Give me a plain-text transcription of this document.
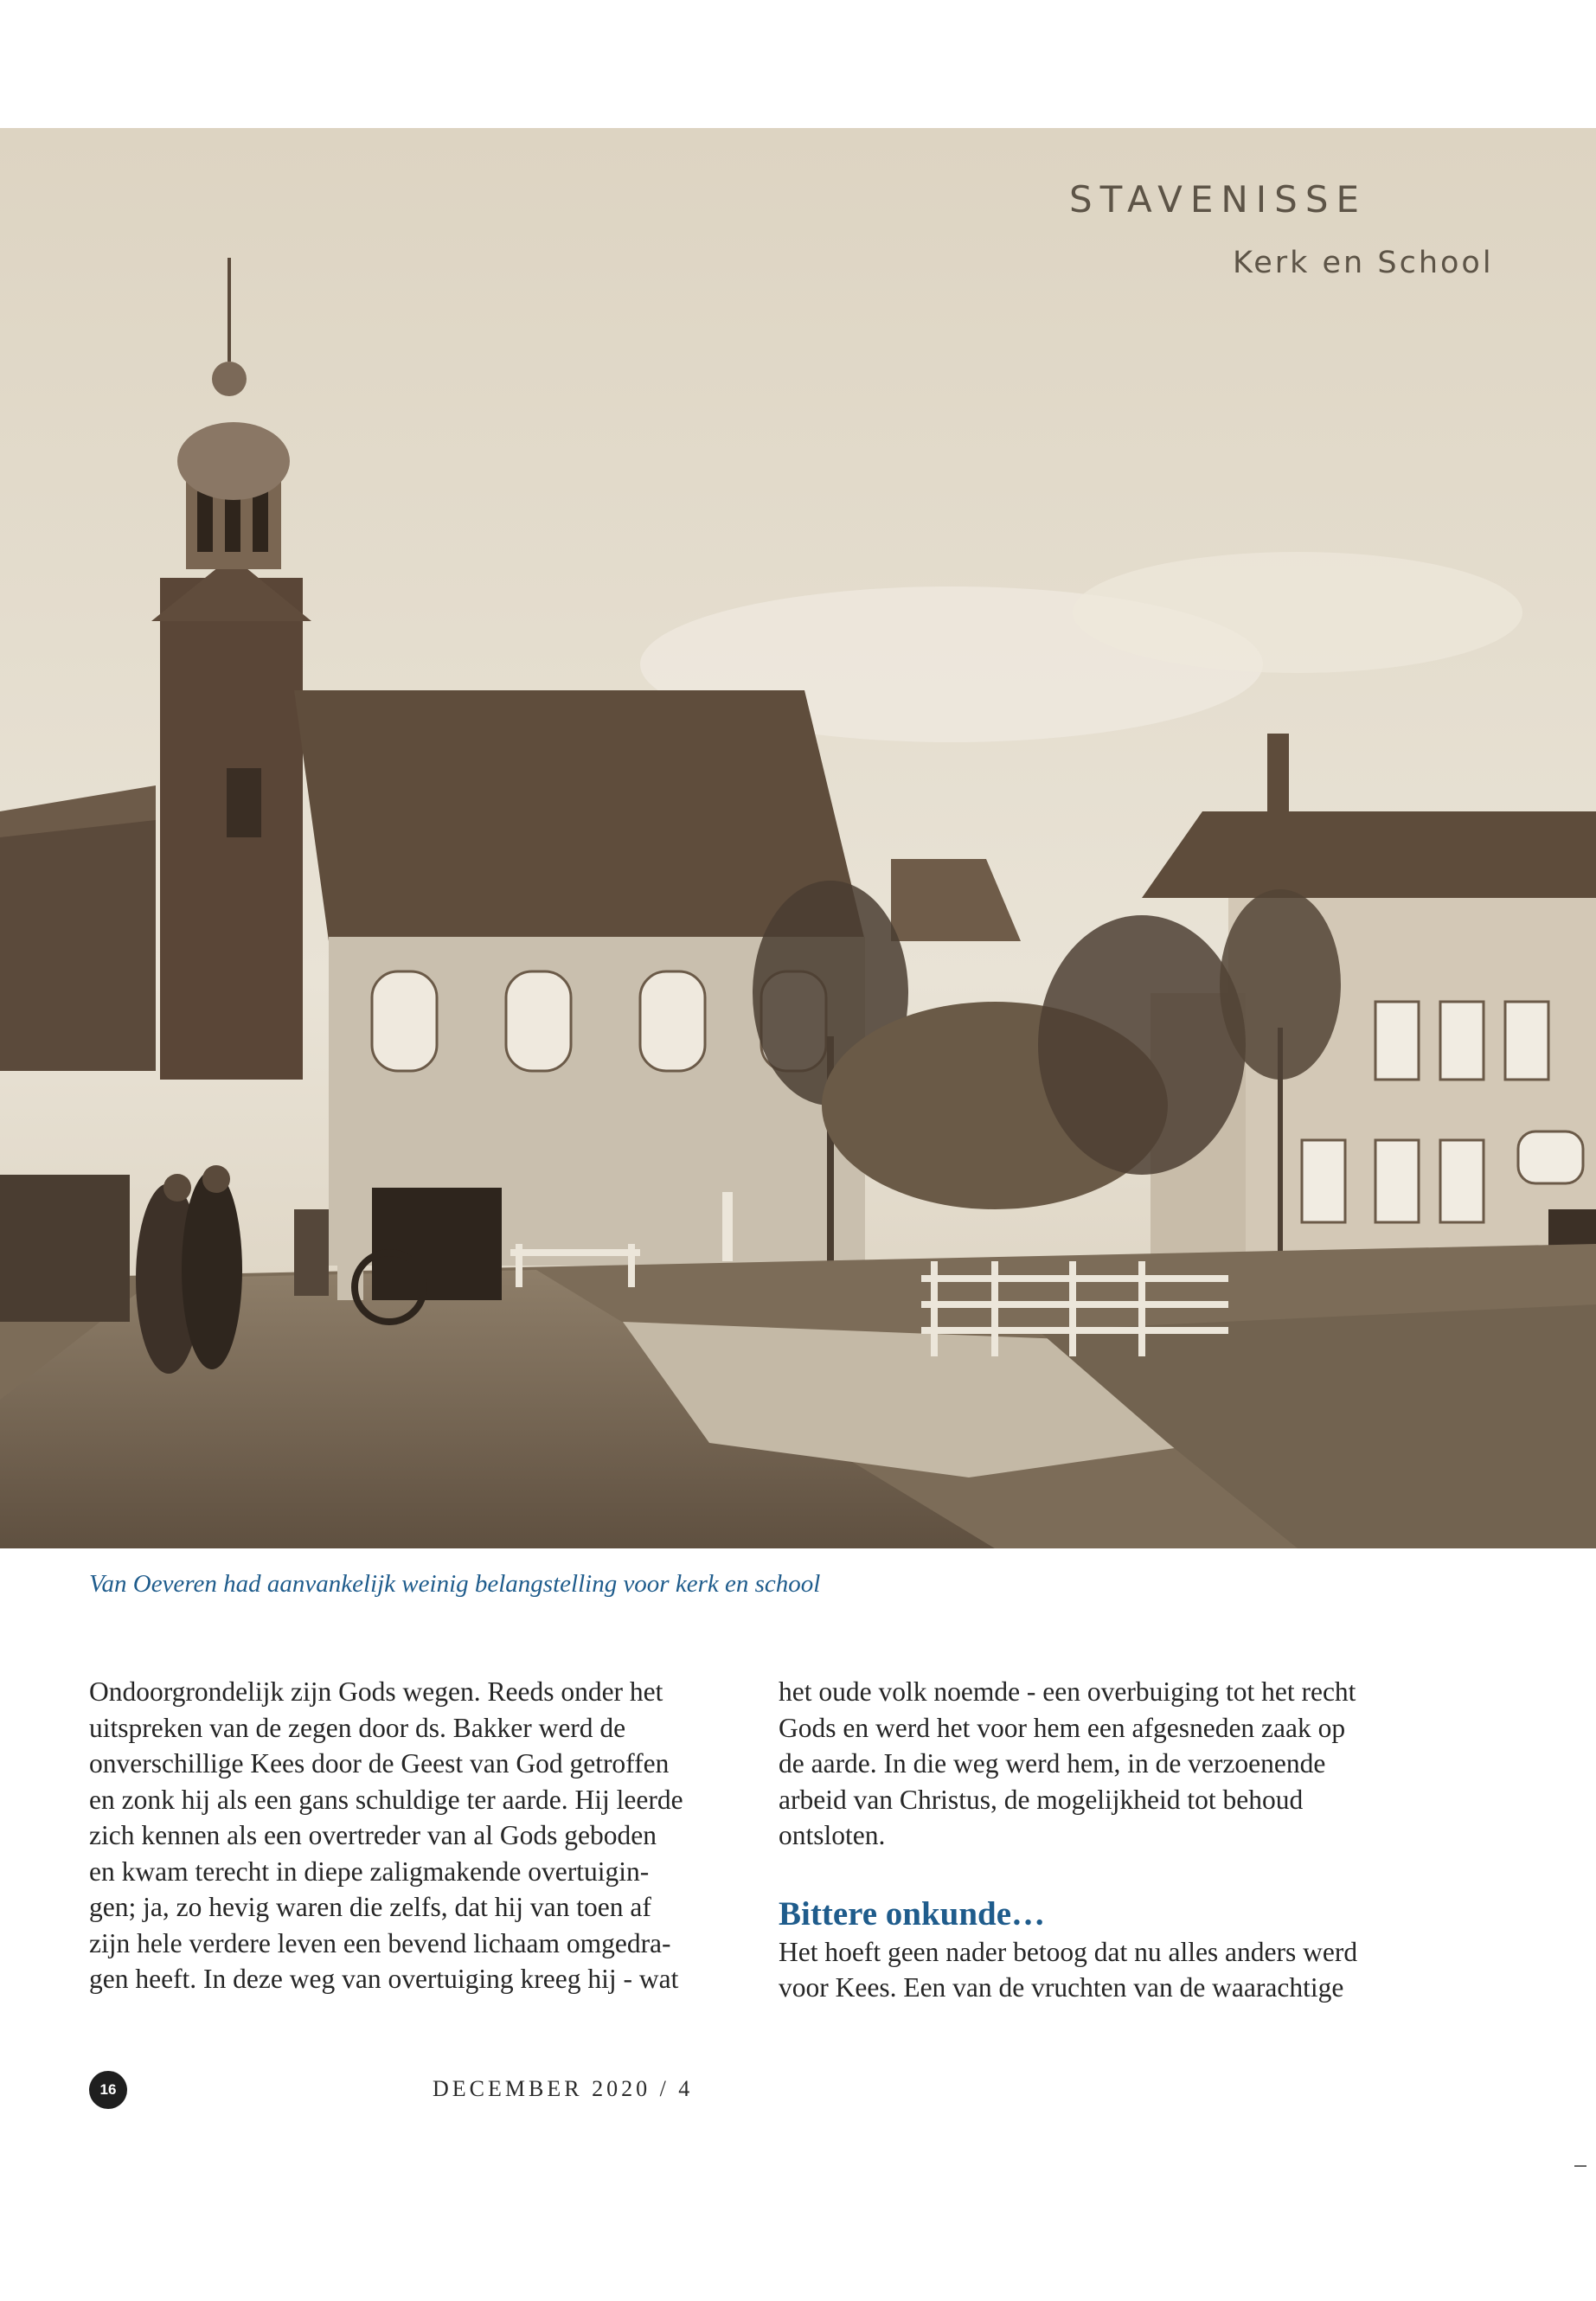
STAVENISSE
Kerk en School
Van Oeveren had aanvankelijk weinig belangstelling voor kerk en school
Ondoorgrondelijk zijn Gods wegen. Reeds onder het
uitspreken van de zegen door ds. Bakker werd de
onverschillige Kees door de Geest van God getroffen
en zonk hij als een gans schuldige ter aarde. Hij leerde
zich kennen als een overtreder van al Gods geboden
en kwam terecht in diepe zaligmakende overtuigin-
gen; ja, zo hevig waren die zelfs, dat hij van toen af
zijn hele verdere leven een bevend lichaam omgedra-
gen heeft. In deze weg van overtuiging kreeg hij - wat
het oude volk noemde - een overbuiging tot het recht
Gods en werd het voor hem een afgesneden zaak op
de aarde. In die weg werd hem, in de verzoenende
arbeid van Christus, de mogelijkheid tot behoud
ontsloten.
Bittere onkunde…
Het hoeft geen nader betoog dat nu alles anders werd
voor Kees. Een van de vruchten van de waarachtige
16	DECEMBER 2020 / 4
